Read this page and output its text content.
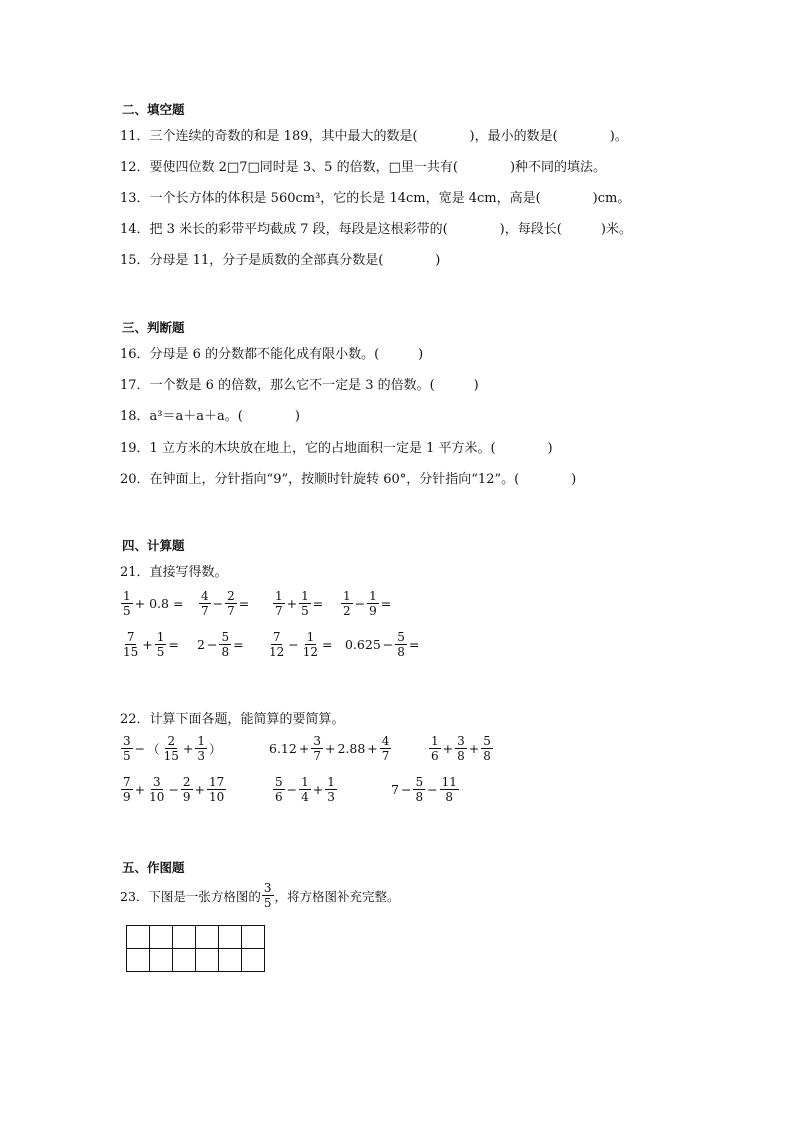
二、填空题
11．三个连续的奇数的和是 189，其中最大的数是(　　　　)，最小的数是(　　　　)。
12．要使四位数 2□7□同时是 3、5 的倍数，□里一共有(　　　　)种不同的填法。
13．一个长方体的体积是 560cm³，它的长是 14cm，宽是 4cm，高是(　　　　)cm。
14．把 3 米长的彩带平均截成 7 段，每段是这根彩带的(　　　　)，每段长(　　　)米。
15．分母是 11，分子是质数的全部真分数是(　　　　)
三、判断题
16．分母是 6 的分数都不能化成有限小数。(　　　)
17．一个数是 6 的倍数，那么它不一定是 3 的倍数。(　　　)
18．a³＝a＋a＋a。(　　　　)
19．1 立方米的木块放在地上，它的占地面积一定是 1 平方米。(　　　　)
20．在钟面上，分针指向“9”，按顺时针旋转 60°，分针指向“12”。(　　　　)
四、计算题
21．直接写得数。
$\frac{1}{5} + 0.8 = \frac{4}{7} - \frac{2}{7} = \frac{1}{7} + \frac{1}{5} = \frac{1}{2} - \frac{1}{9}$ =
$\frac{7}{15} + \frac{1}{5} = 2 - \frac{5}{8} = \frac{7}{12} - \frac{1}{12} = 0.625 - \frac{5}{8}$ =
22．计算下面各题，能简算的要简算。
$\frac{3}{5}$ − （ $\frac{2}{15} + \frac{1}{3}$ ）	$6.12 + \frac{3}{7} + 2.88 + \frac{4}{7}$	$\frac{1}{6} + \frac{3}{8} + \frac{5}{8}$
$\frac{7}{9} + \frac{3}{10} - \frac{2}{9} + \frac{17}{10}$	$\frac{5}{6} - \frac{1}{4} + \frac{1}{3}$	$7 - \frac{5}{8} - \frac{11}{8}$
五、作图题
23．下图是一张方格图的 $\frac{3}{5}$ ，将方格图补充完整。
